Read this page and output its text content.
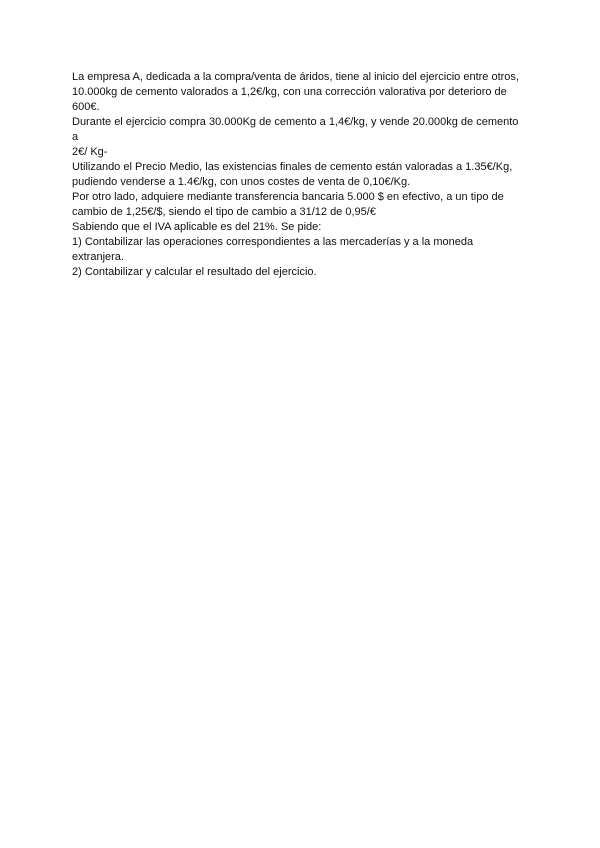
La empresa A, dedicada a la compra/venta de áridos, tiene al inicio del ejercicio entre otros,
10.000kg de cemento valorados a 1,2€/kg, con una corrección valorativa por deterioro de
600€.
Durante el ejercicio compra 30.000Kg de cemento a 1,4€/kg, y vende 20.000kg de cemento
a
2€/ Kg-
Utilizando el Precio Medio, las existencias finales de cemento están valoradas a 1.35€/Kg,
pudiendo venderse a 1.4€/kg, con unos costes de venta de 0,10€/Kg.
Por otro lado, adquiere mediante transferencia bancaria 5.000 $ en efectivo, a un tipo de
cambio de 1,25€/$, siendo el tipo de cambio a 31/12 de 0,95/€
Sabiendo que el IVA aplicable es del 21%. Se pide:
1) Contabilizar las operaciones correspondientes a las mercaderías y a la moneda
extranjera.
2) Contabilizar y calcular el resultado del ejercicio.
